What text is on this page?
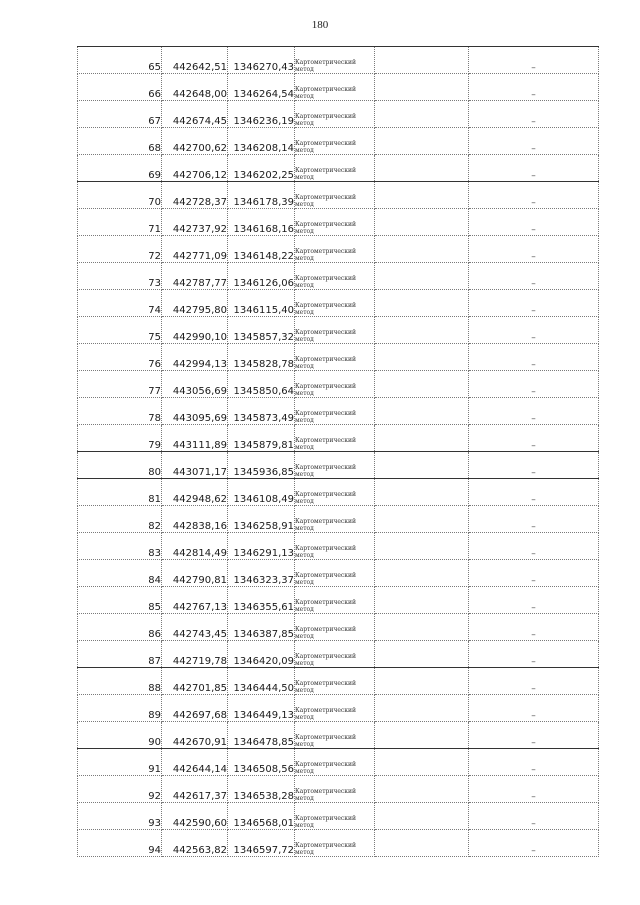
180
65	442642,51	1346270,43	Картометрический метод		–
66	442648,00	1346264,54	Картометрический метод		–
67	442674,45	1346236,19	Картометрический метод		–
68	442700,62	1346208,14	Картометрический метод		–
69	442706,12	1346202,25	Картометрический метод		–
70	442728,37	1346178,39	Картометрический метод		–
71	442737,92	1346168,16	Картометрический метод		–
72	442771,09	1346148,22	Картометрический метод		–
73	442787,77	1346126,06	Картометрический метод		–
74	442795,80	1346115,40	Картометрический метод		–
75	442990,10	1345857,32	Картометрический метод		–
76	442994,13	1345828,78	Картометрический метод		–
77	443056,69	1345850,64	Картометрический метод		–
78	443095,69	1345873,49	Картометрический метод		–
79	443111,89	1345879,81	Картометрический метод		–
80	443071,17	1345936,85	Картометрический метод		–
81	442948,62	1346108,49	Картометрический метод		–
82	442838,16	1346258,91	Картометрический метод		–
83	442814,49	1346291,13	Картометрический метод		–
84	442790,81	1346323,37	Картометрический метод		–
85	442767,13	1346355,61	Картометрический метод		–
86	442743,45	1346387,85	Картометрический метод		–
87	442719,78	1346420,09	Картометрический метод		–
88	442701,85	1346444,50	Картометрический метод		–
89	442697,68	1346449,13	Картометрический метод		–
90	442670,91	1346478,85	Картометрический метод		–
91	442644,14	1346508,56	Картометрический метод		–
92	442617,37	1346538,28	Картометрический метод		–
93	442590,60	1346568,01	Картометрический метод		–
94	442563,82	1346597,72	Картометрический метод		–
